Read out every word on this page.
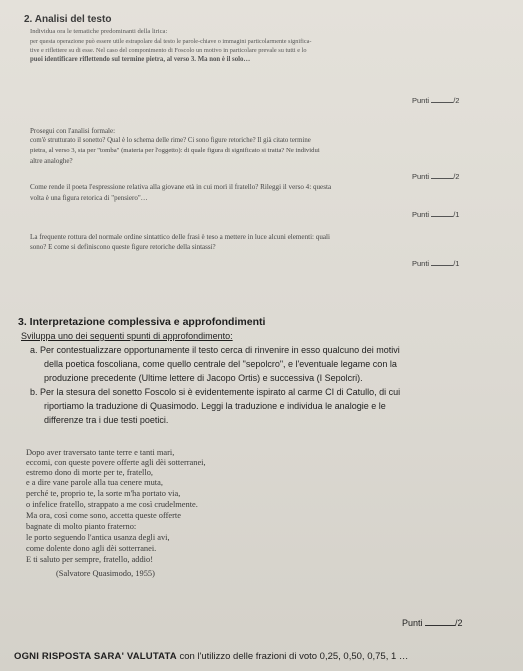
2. Analisi del testo
Individua ora le tematiche predominanti della lirica:
per questa operazione può essere utile estrapolare dal testo le parole-chiave o immagini particolarmente significa-
tive e riflettere su di esse. Nel caso del componimento di Foscolo un motivo in particolare prevale su tutti e lo
puoi identificare riflettendo sul termine pietra, al verso 3. Ma non è il solo…
Punti	/2
Prosegui con l'analisi formale:
com'è strutturato il sonetto? Qual è lo schema delle rime? Ci sono figure retoriche? Il già citato termine
pietra, al verso 3, sta per "tomba" (materia per l'oggetto): di quale figura di significato si tratta? Ne individui
altre analoghe?
Punti	/2
Come rende il poeta l'espressione relativa alla giovane età in cui morì il fratello? Rileggi il verso 4: questa
volta è una figura retorica di "pensiero"…
Punti	/1
La frequente rottura del normale ordine sintattico delle frasi è teso a mettere in luce alcuni elementi: quali
sono? E come si definiscono queste figure retoriche della sintassi?
Punti	/1
3. Interpretazione complessiva e approfondimenti
Sviluppa uno dei seguenti spunti di approfondimento:
a. Per contestualizzare opportunamente il testo cerca di rinvenire in esso qualcuno dei motivi
della poetica foscoliana, come quello centrale del "sepolcro", e l'eventuale legame con la
produzione precedente (Ultime lettere di Jacopo Ortis) e successiva (I Sepolcri).
b. Per la stesura del sonetto Foscolo si è evidentemente ispirato al carme CI di Catullo, di cui
riportiamo la traduzione di Quasimodo. Leggi la traduzione e individua le analogie e le
differenze tra i due testi poetici.
Dopo aver traversato tante terre e tanti mari,
eccomi, con queste povere offerte agli dèi sotterranei,
estremo dono di morte per te, fratello,
e a dire vane parole alla tua cenere muta,
perché te, proprio te, la sorte m'ha portato via,
o infelice fratello, strappato a me così crudelmente.
Ma ora, così come sono, accetta queste offerte
bagnate di molto pianto fraterno:
le porto seguendo l'antica usanza degli avi,
come dolente dono agli dèi sotterranei.
E ti saluto per sempre, fratello, addio!
(Salvatore Quasimodo, 1955)
Punti	/2
OGNI RISPOSTA SARA' VALUTATA con l'utilizzo delle frazioni di voto 0,25, 0,50, 0,75, 1 …
